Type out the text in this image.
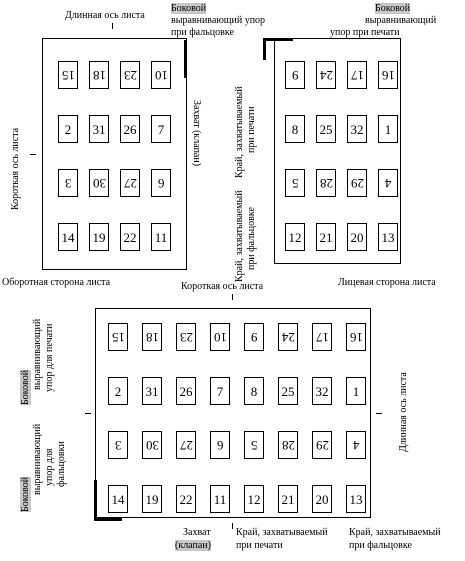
Длинная ось листа
15 18 23 10
2 31 26 7
3 30 27 6
14 19 22 11
Короткая ось листа	Захват (клапан)
Оборотная сторона листа
Боковой
выравнивающий упор
при фальцовке
Боковой
выравнивающий
упор при печати
9 24 17 16
8 25 32 1
5 28 29 4
12 21 20 13
Край, захватываемый при печати
Край, захватываемый при фальцовке
Лицевая сторона листа
Короткая ось листа
15 18 23 10 9 24 17 16
2 31 26 7 8 25 32 1
3 30 27 6 5 28 29 4
14 19 22 11 12 21 20 13
Длинная ось листа
Боковой выравнивающий упор для печати
Боковой выравнивающий упор для фальцовки
Захват
(клапан)
Край, захватываемый
при печати
Край, захватываемый
при фальцовке
